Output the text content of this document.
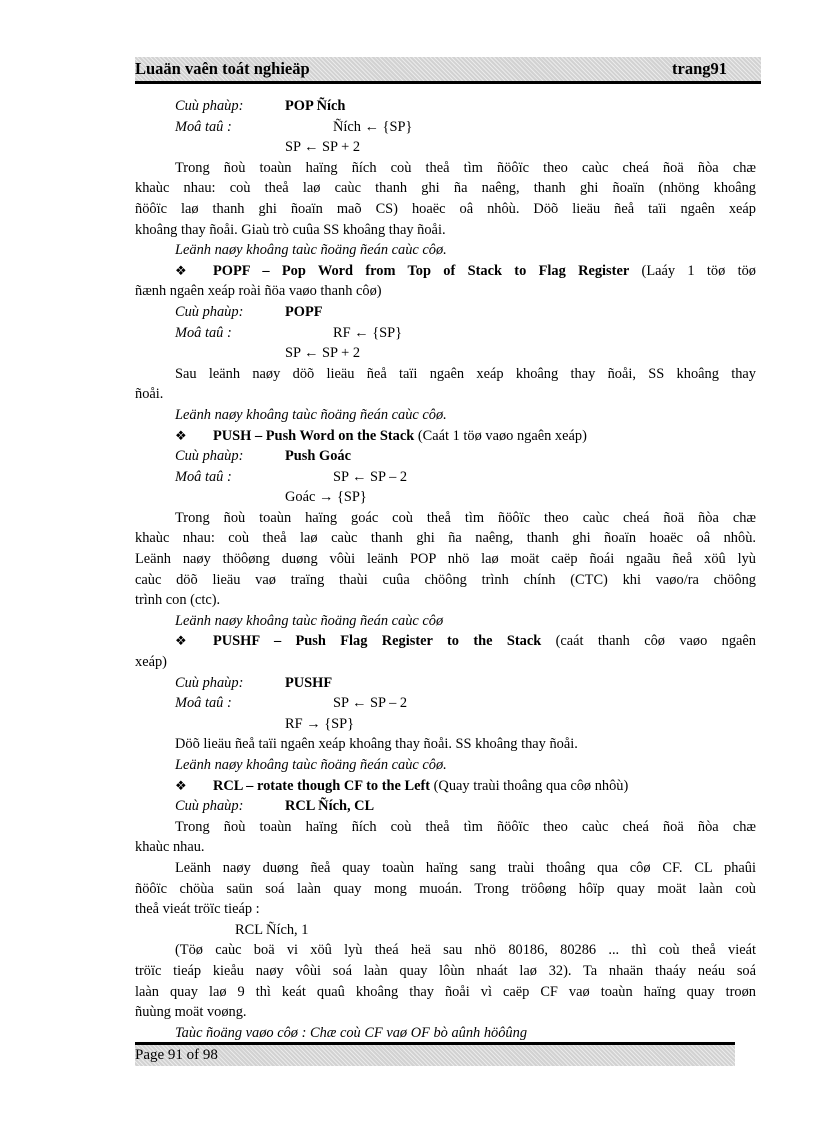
Luaän vaên toát nghieäp	trang91
Cuù phaùp:	POP Ñích
Moâ taû :	Ñích ← {SP}
SP ← SP + 2
Trong ñoù toaùn haïng ñích coù theå tìm ñöôïc theo caùc cheá ñoä ñòa chæ
khaùc nhau: coù theå laø caùc thanh ghi ña naêng, thanh ghi ñoaïn (nhöng khoâng
ñöôïc laø thanh ghi ñoaïn maõ CS) hoaëc oâ nhôù. Döõ lieäu ñeå taïi ngaên xeáp
khoâng thay ñoåi. Giaù trò cuûa SS khoâng thay ñoåi.
Leänh naøy khoâng taùc ñoäng ñeán caùc côø.
❖ POPF – Pop Word from Top of Stack to Flag Register (Laáy 1 töø töø
ñænh ngaên xeáp roài ñöa vaøo thanh côø)
Cuù phaùp:	POPF
Moâ taû :	RF ← {SP}
SP ← SP + 2
Sau leänh naøy döõ lieäu ñeå taïi ngaên xeáp khoâng thay ñoåi, SS khoâng thay
ñoåi.
Leänh naøy khoâng taùc ñoäng ñeán caùc côø.
❖ PUSH – Push Word on the Stack (Caát 1 töø vaøo ngaên xeáp)
Cuù phaùp:	Push Goác
Moâ taû :	SP ← SP – 2
Goác → {SP}
Trong ñoù toaùn haïng goác coù theå tìm ñöôïc theo caùc cheá ñoä ñòa chæ
khaùc nhau: coù theå laø caùc thanh ghi ña naêng, thanh ghi ñoaïn hoaëc oâ nhôù.
Leänh naøy thöôøng duøng vôùi leänh POP nhö laø moät caëp ñoái ngaãu ñeå xöû lyù
caùc döõ lieäu vaø traïng thaùi cuûa chöông trình chính (CTC) khi vaøo/ra chöông
trình con (ctc).
Leänh naøy khoâng taùc ñoäng ñeán caùc côø
❖ PUSHF – Push Flag Register to the Stack (caát thanh côø vaøo ngaên
xeáp)
Cuù phaùp:	PUSHF
Moâ taû :	SP ← SP – 2
RF → {SP}
Döõ lieäu ñeå taïi ngaên xeáp khoâng thay ñoåi. SS khoâng thay ñoåi.
Leänh naøy khoâng taùc ñoäng ñeán caùc côø.
❖ RCL – rotate though CF to the Left (Quay traùi thoâng qua côø nhôù)
Cuù phaùp:	RCL Ñích, CL
Trong ñoù toaùn haïng ñích coù theå tìm ñöôïc theo caùc cheá ñoä ñòa chæ
khaùc nhau.
Leänh naøy duøng ñeå quay toaùn haïng sang traùi thoâng qua côø CF. CL phaûi
ñöôïc chöùa saün soá laàn quay mong muoán. Trong tröôøng hôïp quay moät laàn coù
theå vieát tröïc tieáp :
RCL Ñích, 1
(Töø caùc boä vi xöû lyù theá heä sau nhö 80186, 80286 ... thì coù theå vieát
tröïc tieáp kieåu naøy vôùi soá laàn quay lôùn nhaát laø 32). Ta nhaän thaáy neáu soá
laàn quay laø 9 thì keát quaû khoâng thay ñoåi vì caëp CF vaø toaùn haïng quay troøn
ñuùng moät voøng.
Taùc ñoäng vaøo côø : Chæ coù CF vaø OF bò aûnh höôûng
Page 91 of 98
